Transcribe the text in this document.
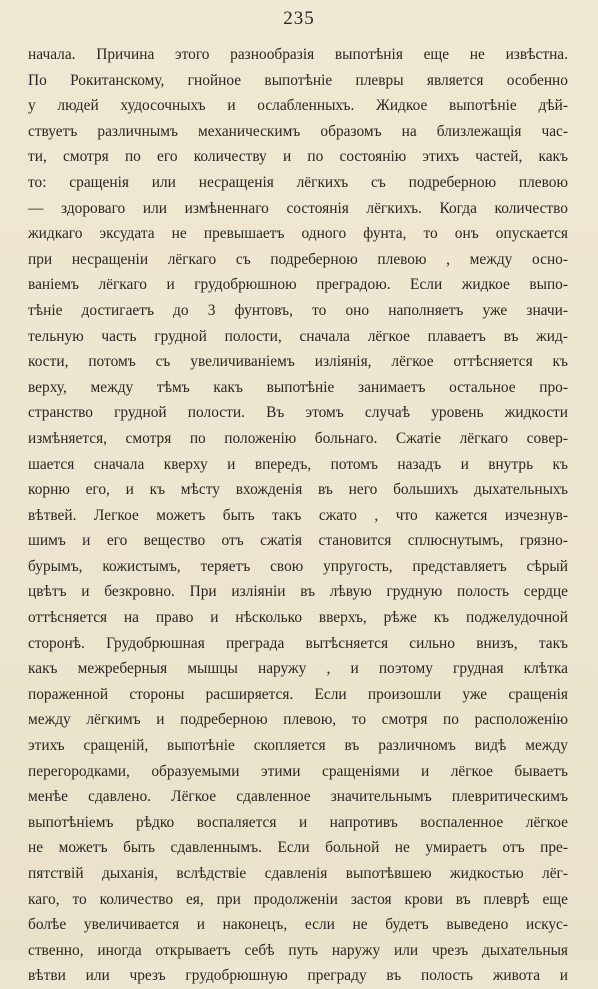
235
начала. Причина этого разнообразія выпотѣнія еще не извѣстна.
По Рокитанскому, гнойное выпотѣніе плевры является особенно
у людей худосочныхъ и ослабленныхъ. Жидкое выпотѣніе дѣй-
ствуетъ различнымъ механическимъ образомъ на близлежащія час-
ти, смотря по его количеству и по состоянію этихъ частей, какъ
то: сращенія или несращенія лёгкихъ съ подреберною плевою
— здороваго или измѣненнаго состоянія лёгкихъ. Когда количество
жидкаго эксудата не превышаетъ одного фунта, то онъ опускается
при несращеніи лёгкаго съ подреберною плевою , между осно-
ваніемъ лёгкаго и грудобрюшною преградою. Если жидкое выпо-
тѣніе достигаетъ до 3 фунтовъ, то оно наполняетъ уже значи-
тельную часть грудной полости, сначала лёгкое плаваетъ въ жид-
кости, потомъ съ увеличиваніемъ изліянія, лёгкое оттѣсняется къ
верху, между тѣмъ какъ выпотѣніе занимаетъ остальное про-
странство грудной полости. Въ этомъ случаѣ уровень жидкости
измѣняется, смотря по положенію больнаго. Сжатіе лёгкаго совер-
шается сначала кверху и впередъ, потомъ назадъ и внутрь къ
корню его, и къ мѣсту вхожденія въ него большихъ дыхательныхъ
вѣтвей. Легкое можетъ быть такъ сжато , что кажется изчезнув-
шимъ и его вещество отъ сжатія становится сплюснутымъ, грязно-
бурымъ, кожистымъ, теряетъ свою упругость, представляетъ сѣрый
цвѣтъ и безкровно. При изліяніи въ лѣвую грудную полость сердце
оттѣсняется на право и нѣсколько вверхъ, рѣже къ поджелудочной
сторонѣ. Грудобрюшная преграда вытѣсняется сильно внизъ, такъ
какъ межреберныя мышцы наружу , и поэтому грудная клѣтка
пораженной стороны расширяется. Если произошли уже сращенія
между лёгкимъ и подреберною плевою, то смотря по расположенію
этихъ сращеній, выпотѣніе скопляется въ различномъ видѣ между
перегородками, образуемыми этими сращеніями и лёгкое бываетъ
менѣе сдавлено. Лёгкое сдавленное значительнымъ плевритическимъ
выпотѣніемъ рѣдко воспаляется и напротивъ воспаленное лёгкое
не можетъ быть сдавленнымъ. Если больной не умираетъ отъ пре-
пятствій дыханія, вслѣдствіе сдавленія выпотѣвшею жидкостью лёг-
каго, то количество ея, при продолженіи застоя крови въ плеврѣ еще
болѣе увеличивается и наконецъ, если не будетъ выведено искус-
ственно, иногда открываетъ себѣ путь наружу или чрезъ дыхательныя
вѣтви или чрезъ грудобрюшную преграду въ полость живота и
